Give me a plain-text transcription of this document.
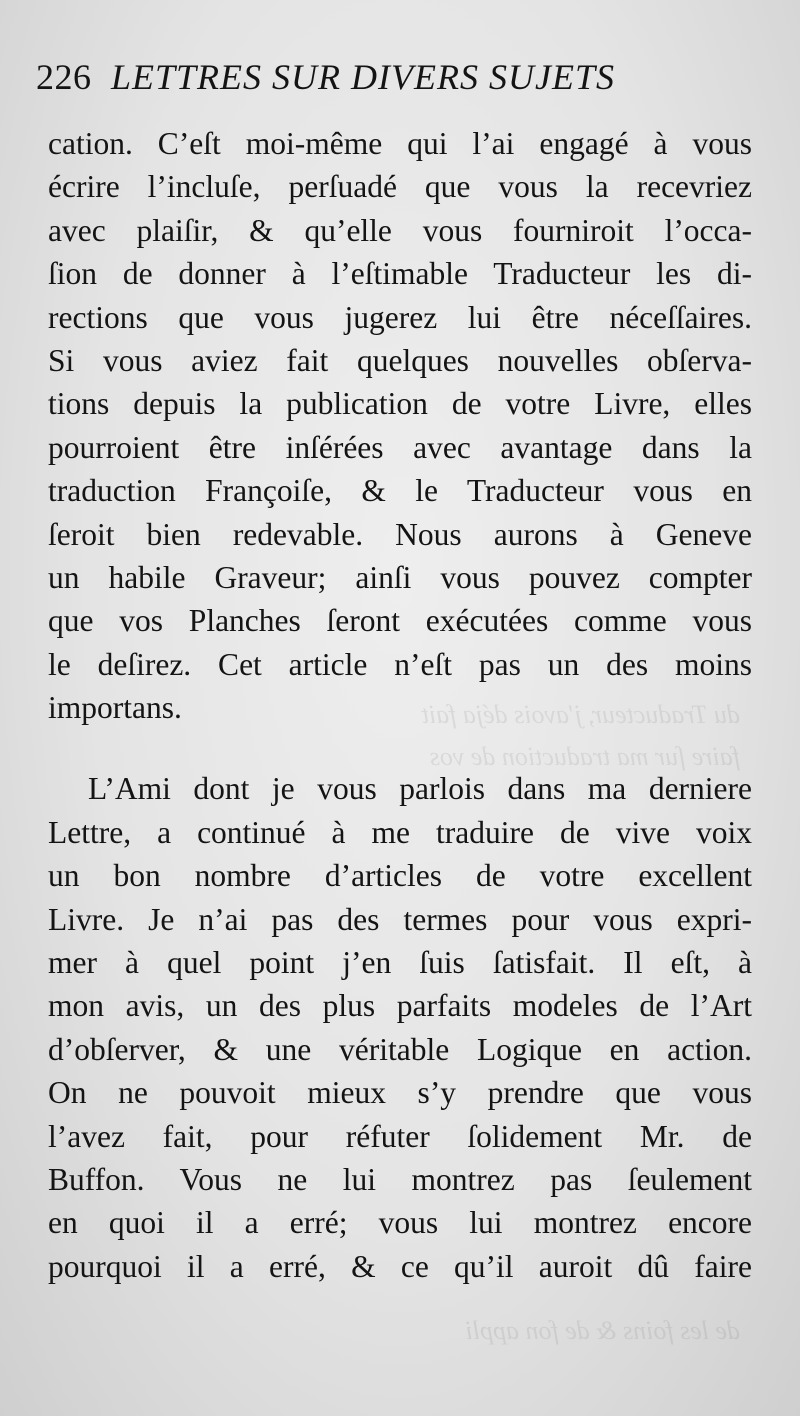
du Traducteur, j'avois déja fait
faire ſur ma traduction de vos
de les foins & de fon appli
226 LETTRES SUR DIVERS SUJETS
cation. C’eſt moi-même qui l’ai engagé à vous
écrire l’incluſe, perſuadé que vous la recevriez
avec plaiſir, & qu’elle vous fourniroit l’occa-
ſion de donner à l’eſtimable Traducteur les di-
rections que vous jugerez lui être néceſſaires.
Si vous aviez fait quelques nouvelles obſerva-
tions depuis la publication de votre Livre, elles
pourroient être inſérées avec avantage dans la
traduction Françoiſe, & le Traducteur vous en
ſeroit bien redevable. Nous aurons à Geneve
un habile Graveur; ainſi vous pouvez compter
que vos Planches ſeront exécutées comme vous
le deſirez. Cet article n’eſt pas un des moins
importans.
L’Ami dont je vous parlois dans ma derniere
Lettre, a continué à me traduire de vive voix
un bon nombre d’articles de votre excellent
Livre. Je n’ai pas des termes pour vous expri-
mer à quel point j’en ſuis ſatisfait. Il eſt, à
mon avis, un des plus parfaits modeles de l’Art
d’obſerver, & une véritable Logique en action.
On ne pouvoit mieux s’y prendre que vous
l’avez fait, pour réfuter ſolidement Mr. de
Buffon. Vous ne lui montrez pas ſeulement
en quoi il a erré; vous lui montrez encore
pourquoi il a erré, & ce qu’il auroit dû faire
